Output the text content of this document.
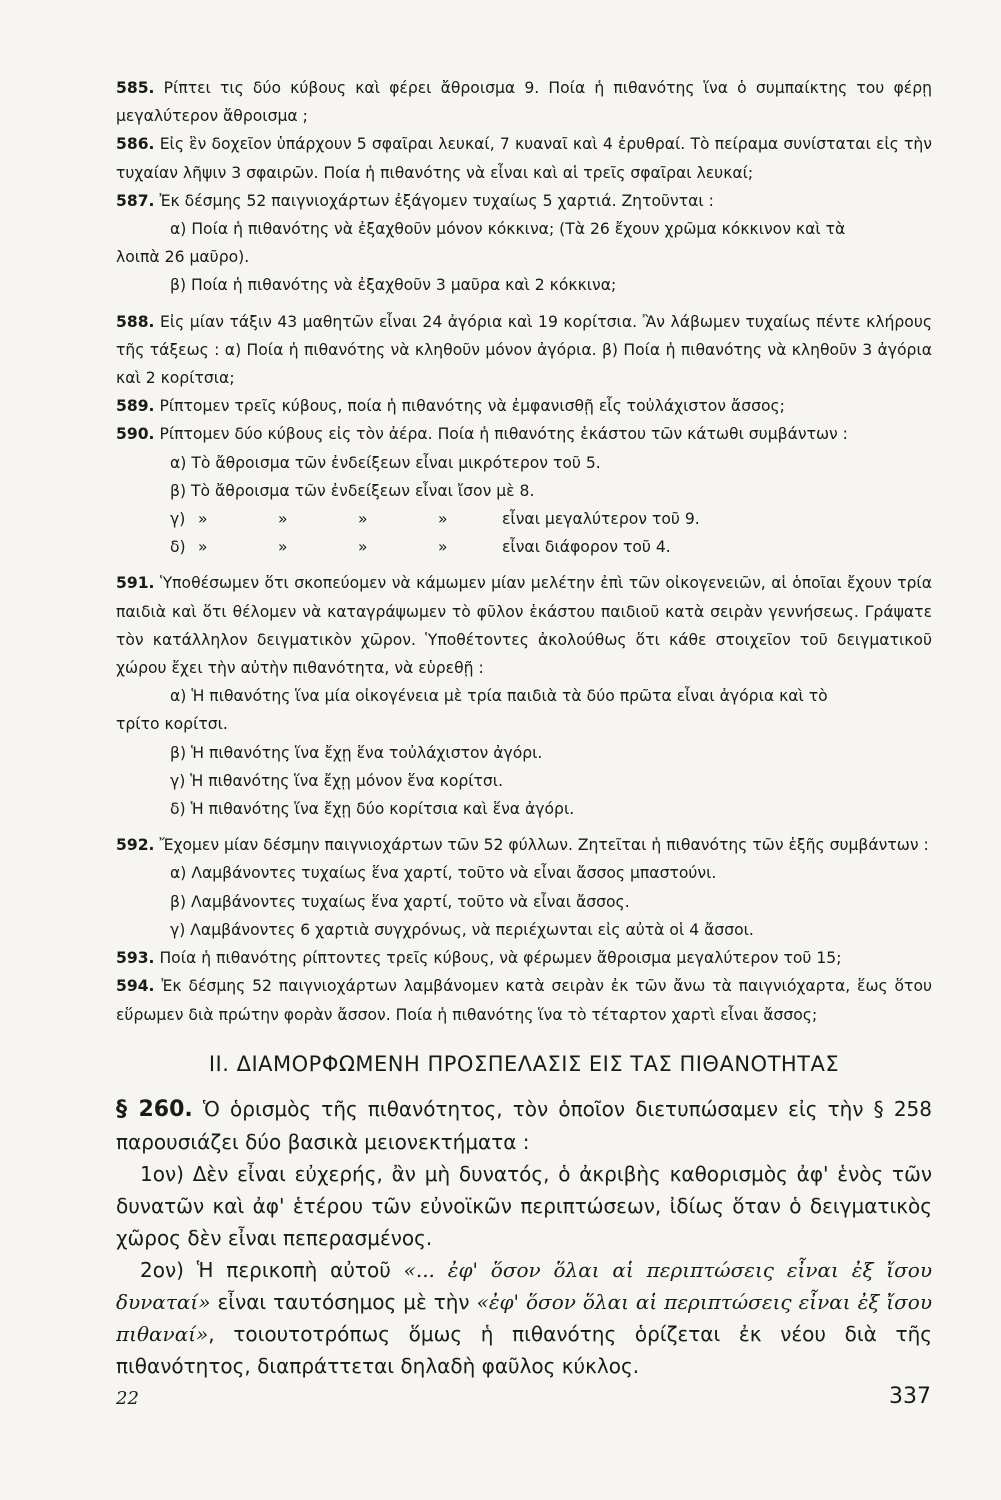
585. Ρίπτει τις δύο κύβους καὶ φέρει ἄθροισμα 9. Ποία ἡ πιθανότης ἵνα ὁ συμπαίκτης του φέρῃ μεγαλύτερον ἄθροισμα ;

586. Εἰς ἓν δοχεῖον ὑπάρχουν 5 σφαῖραι λευκαί, 7 κυαναῖ καὶ 4 ἐρυθραί. Τὸ πείραμα συνίσταται εἰς τὴν τυχαίαν λῆψιν 3 σφαιρῶν. Ποία ἡ πιθανότης νὰ εἶναι καὶ αἱ τρεῖς σφαῖραι λευκαί;

587. Ἐκ δέσμης 52 παιγνιοχάρτων ἐξάγομεν τυχαίως 5 χαρτιά. Ζητοῦνται :

α) Ποία ἡ πιθανότης νὰ ἐξαχθοῦν μόνον κόκκινα; (Τὰ 26 ἔχουν χρῶμα κόκκινον καὶ τὰ
λοιπὰ 26 μαῦρο).
β) Ποία ἡ πιθανότης νὰ ἐξαχθοῦν 3 μαῦρα καὶ 2 κόκκινα;

588. Εἰς μίαν τάξιν 43 μαθητῶν εἶναι 24 ἀγόρια καὶ 19 κορίτσια. Ἂν λάβωμεν τυχαίως πέντε κλήρους τῆς τάξεως : α) Ποία ἡ πιθανότης νὰ κληθοῦν μόνον ἀγόρια. β) Ποία ἡ πιθανότης νὰ κληθοῦν 3 ἀγόρια καὶ 2 κορίτσια;

589. Ρίπτομεν τρεῖς κύβους, ποία ἡ πιθανότης νὰ ἐμφανισθῇ εἷς τοὐλάχιστον ἄσσος;

590. Ρίπτομεν δύο κύβους εἰς τὸν ἀέρα. Ποία ἡ πιθανότης ἑκάστου τῶν κάτωθι συμβάντων :

α) Τὸ ἄθροισμα τῶν ἐνδείξεων εἶναι μικρότερον τοῦ 5.
β) Τὸ ἄθροισμα τῶν ἐνδείξεων εἶναι ἴσον μὲ 8.
γ) »	»	»	»	εἶναι μεγαλύτερον τοῦ 9.
δ) »	»	»	»	εἶναι διάφορον τοῦ 4.

591. Ὑποθέσωμεν ὅτι σκοπεύομεν νὰ κάμωμεν μίαν μελέτην ἐπὶ τῶν οἰκογενειῶν, αἱ ὁποῖαι ἔχουν τρία παιδιὰ καὶ ὅτι θέλομεν νὰ καταγράψωμεν τὸ φῦλον ἑκάστου παιδιοῦ κατὰ σειρὰν γεννήσεως. Γράψατε τὸν κατάλληλον δειγματικὸν χῶρον. Ὑποθέτοντες ἀκολούθως ὅτι κάθε στοιχεῖον τοῦ δειγματικοῦ χώρου ἔχει τὴν αὐτὴν πιθανότητα, νὰ εὑρεθῇ :

α) Ἡ πιθανότης ἵνα μία οἰκογένεια μὲ τρία παιδιὰ τὰ δύο πρῶτα εἶναι ἀγόρια καὶ τὸ
τρίτο κορίτσι.
β) Ἡ πιθανότης ἵνα ἔχῃ ἕνα τοὐλάχιστον ἀγόρι.
γ) Ἡ πιθανότης ἵνα ἔχῃ μόνον ἕνα κορίτσι.
δ) Ἡ πιθανότης ἵνα ἔχῃ δύο κορίτσια καὶ ἕνα ἀγόρι.

592. Ἔχομεν μίαν δέσμην παιγνιοχάρτων τῶν 52 φύλλων. Ζητεῖται ἡ πιθανότης τῶν ἑξῆς συμβάντων :

α) Λαμβάνοντες τυχαίως ἕνα χαρτί, τοῦτο νὰ εἶναι ἄσσος μπαστούνι.
β) Λαμβάνοντες τυχαίως ἕνα χαρτί, τοῦτο νὰ εἶναι ἄσσος.
γ) Λαμβάνοντες 6 χαρτιὰ συγχρόνως, νὰ περιέχωνται εἰς αὐτὰ οἱ 4 ἄσσοι.

593. Ποία ἡ πιθανότης ρίπτοντες τρεῖς κύβους, νὰ φέρωμεν ἄθροισμα μεγαλύτερον τοῦ 15;

594. Ἐκ δέσμης 52 παιγνιοχάρτων λαμβάνομεν κατὰ σειρὰν ἐκ τῶν ἄνω τὰ παιγνιόχαρτα, ἕως ὅτου εὕρωμεν διὰ πρώτην φορὰν ἄσσον. Ποία ἡ πιθανότης ἵνα τὸ τέταρτον χαρτὶ εἶναι ἄσσος;

ΙΙ. ΔΙΑΜΟΡΦΩΜΕΝΗ ΠΡΟΣΠΕΛΑΣΙΣ ΕΙΣ ΤΑΣ ΠΙΘΑΝΟΤΗΤΑΣ

§ 260. Ὁ ὁρισμὸς τῆς πιθανότητος, τὸν ὁποῖον διετυπώσαμεν εἰς τὴν § 258 παρουσιάζει δύο βασικὰ μειονεκτήματα :

1ον) Δὲν εἶναι εὐχερής, ἂν μὴ δυνατός, ὁ ἀκριβὴς καθορισμὸς ἀφ' ἑνὸς τῶν δυνατῶν καὶ ἀφ' ἑτέρου τῶν εὐνοϊκῶν περιπτώσεων, ἰδίως ὅταν ὁ δειγματικὸς χῶρος δὲν εἶναι πεπερασμένος.

2ον) Ἡ περικοπὴ αὐτοῦ «... ἐφ' ὅσον ὅλαι αἱ περιπτώσεις εἶναι ἐξ ἴσου δυναταί» εἶναι ταυτόσημος μὲ τὴν «ἐφ' ὅσον ὅλαι αἱ περιπτώσεις εἶναι ἐξ ἴσου πιθαναί», τοιουτοτρόπως ὅμως ἡ πιθανότης ὁρίζεται ἐκ νέου διὰ τῆς πιθανότητος, διαπράττεται δηλαδὴ φαῦλος κύκλος.

22	337
